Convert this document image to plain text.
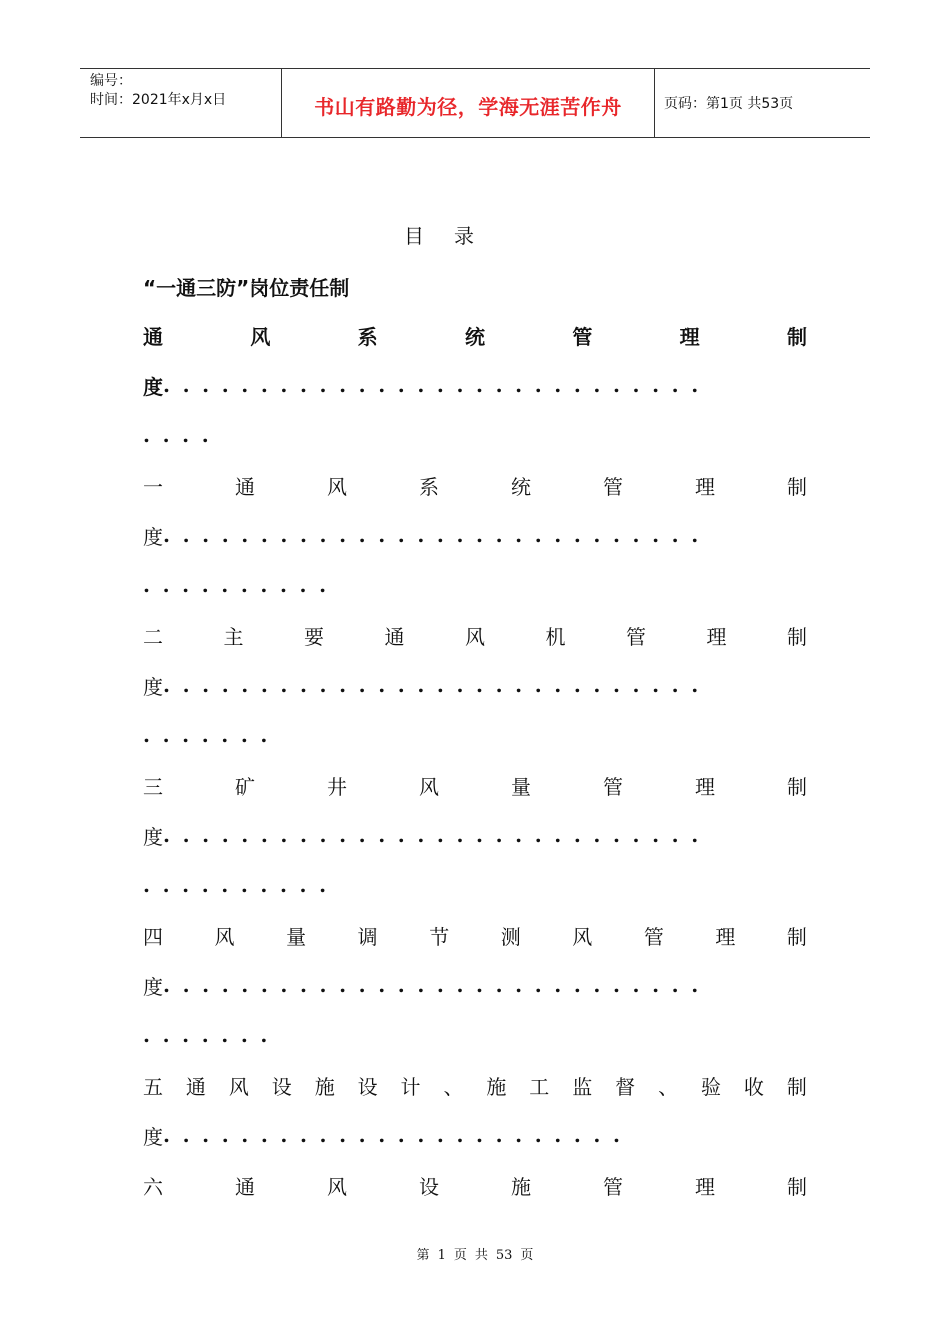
编号：
时间：2021年x月x日	书山有路勤为径，学海无涯苦作舟	页码：第1页 共53页
目 录
“一通三防”岗位责任制
通	风	系	统	管	理	制
度 ............................
....
一	通	风	系	统	管	理	制
度 ............................
..........
二	主	要	通	风	机	管	理	制
度 ............................
.......
三	矿	井	风	量	管	理	制
度 ............................
..........
四	风	量	调	节	测	风	管	理	制
度 ............................
.......
五 通 风 设 施 设 计 、 施 工 监 督 、 验 收 制
度 ........................
六	通	风	设	施	管	理	制
第 1 页 共 53 页
